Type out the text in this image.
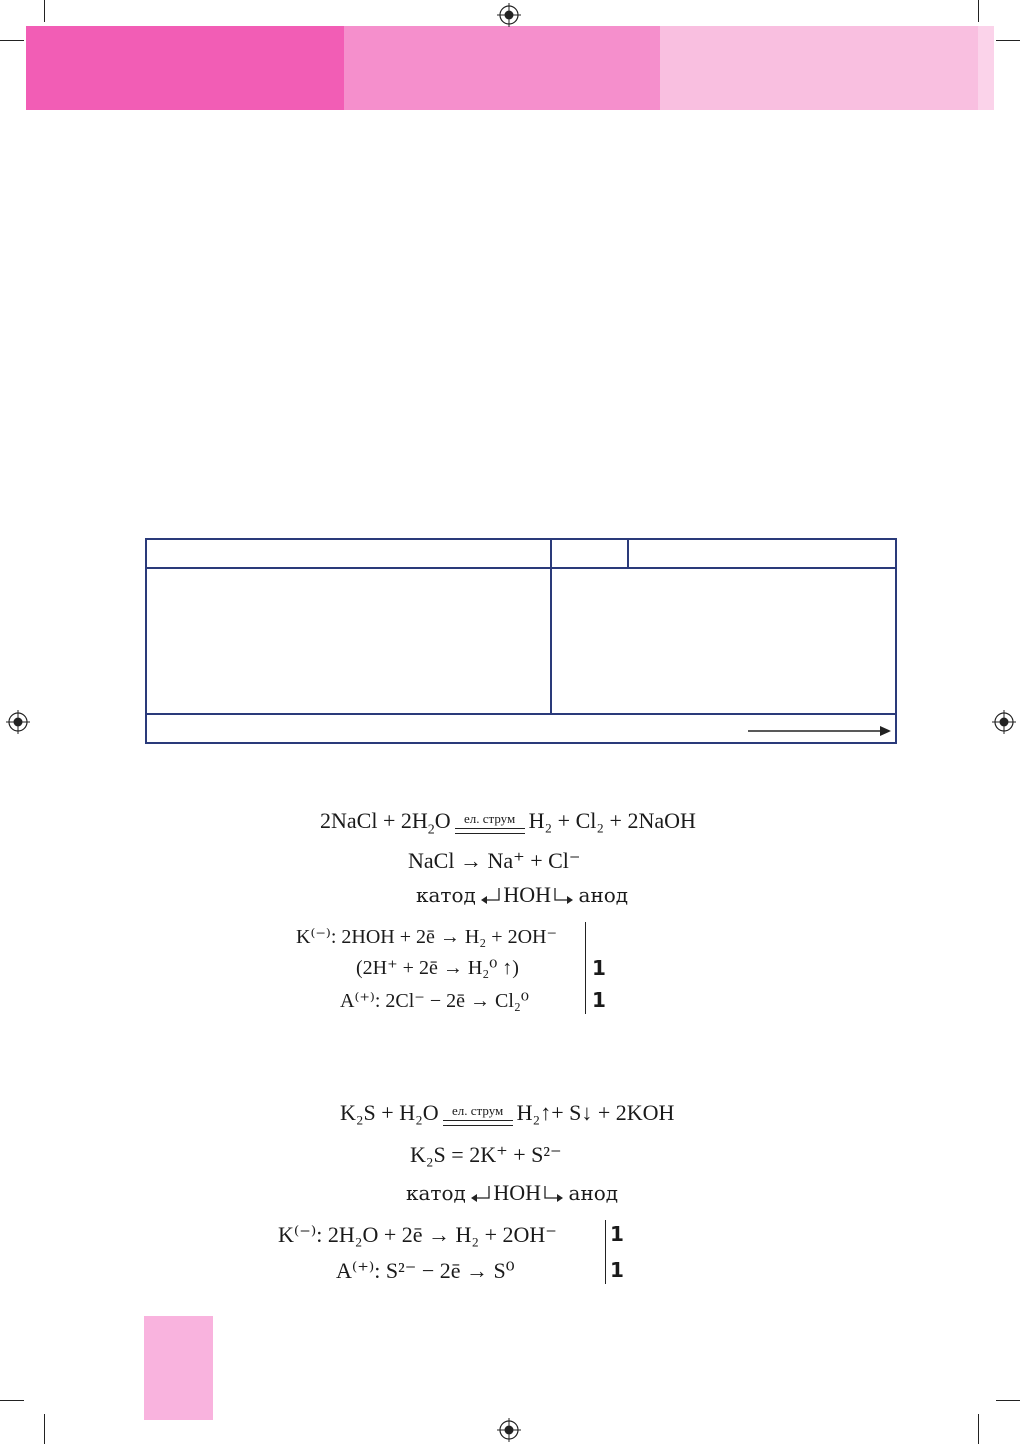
2NaCl + $2H_2O$	ел. струм H₂ + Cl₂ + 2NaOH
NaCl → Na⁺ + Cl⁻
катод HOH анод
K⁽⁻⁾: 2HOH + 2ē → H₂ + 2OH⁻
(2H⁺ + 2ē → H₂⁰ ↑)
A⁽⁺⁾: 2Cl⁻ − 2ē → Cl₂⁰
1
1
K₂S + H₂O	ел. струм H₂↑+ S↓ + 2KOH
K₂S = 2K⁺ + S²⁻
катод HOH анод
K⁽⁻⁾: 2H₂O + 2ē → H₂ + 2OH⁻
A⁽⁺⁾: S²⁻ − 2ē → S⁰
1
1
